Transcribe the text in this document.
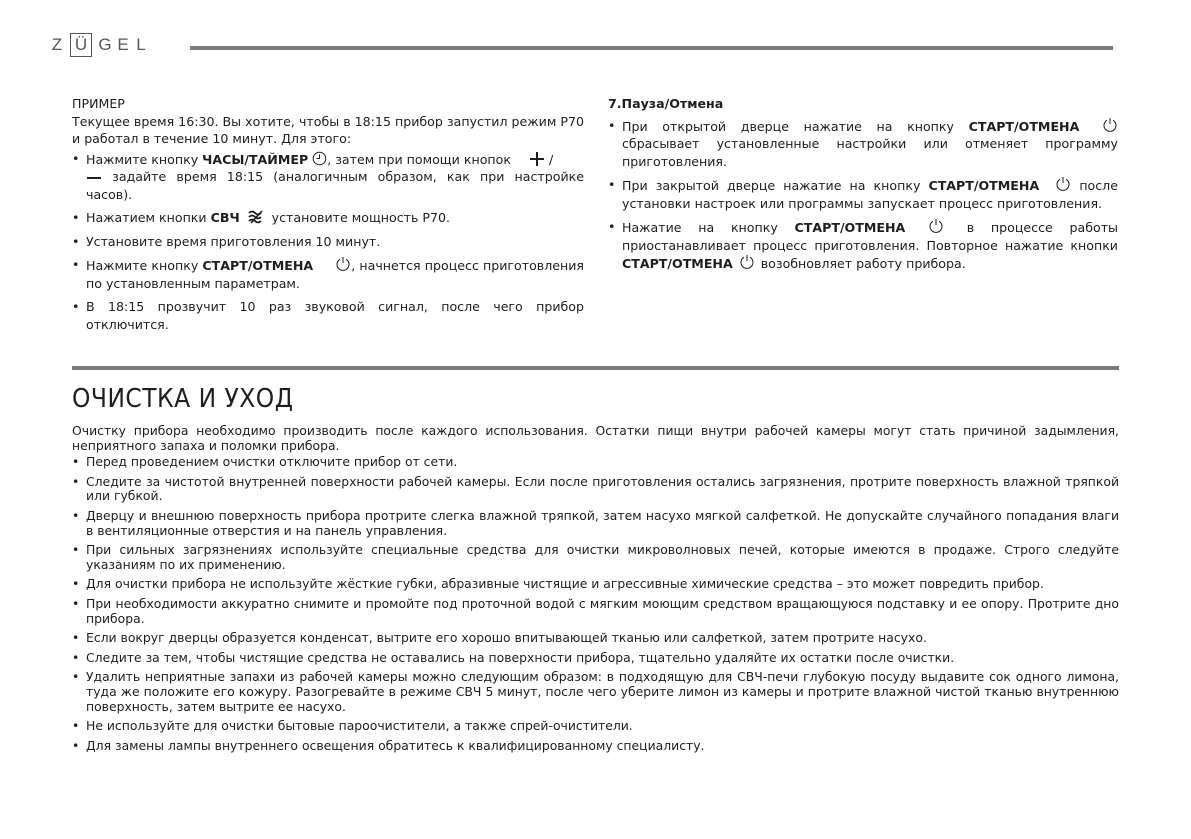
Z Ü G E L

ПРИМЕР

Текущее время 16:30. Вы хотите, чтобы в 18:15 прибор запустил режим P70 и работал в течение 10 минут. Для этого:

• Нажмите кнопку ЧАСЫ/ТАЙМЕР , затем при помощи кнопок	/
задайте время 18:15 (аналогичным образом, как при настройке часов).
• Нажатием кнопки СВЧ	установите мощность P70.
• Установите время приготовления 10 минут.
• Нажмите кнопку СТАРТ/ОТМЕНА	, начнется процесс приготовления по установленным параметрам.
• В 18:15 прозвучит 10 раз звуковой сигнал, после чего прибор отключится.

7.Пауза/Отмена

• При открытой дверце нажатие на кнопку СТАРТ/ОТМЕНА  сбрасывает установленные настройки или отменяет программу приготовления.
• При закрытой дверце нажатие на кнопку СТАРТ/ОТМЕНА	после установки настроек или программы запускает процесс приготовления.
• Нажатие на кнопку СТАРТ/ОТМЕНА	в процессе работы приостанавливает процесс приготовления. Повторное нажатие кнопки СТАРТ/ОТМЕНА возобновляет работу прибора.
ОЧИСТКА И УХОД

Очистку прибора необходимо производить после каждого использования. Остатки пищи внутри рабочей камеры могут стать причиной задымления, неприятного запаха и поломки прибора.

• Перед проведением очистки отключите прибор от сети.
• Следите за чистотой внутренней поверхности рабочей камеры. Если после приготовления остались загрязнения, протрите поверхность влажной тряпкой или губкой.
• Дверцу и внешнюю поверхность прибора протрите слегка влажной тряпкой, затем насухо мягкой салфеткой. Не допускайте случайного попадания влаги в вентиляционные отверстия и на панель управления.
• При сильных загрязнениях используйте специальные средства для очистки микроволновых печей, которые имеются в продаже. Строго следуйте указаниям по их применению.
• Для очистки прибора не используйте жёсткие губки, абразивные чистящие и агрессивные химические средства – это может повредить прибор.
• При необходимости аккуратно снимите и промойте под проточной водой с мягким моющим средством вращающуюся подставку и ее опору. Протрите дно прибора.
• Если вокруг дверцы образуется конденсат, вытрите его хорошо впитывающей тканью или салфеткой, затем протрите насухо.
• Следите за тем, чтобы чистящие средства не оставались на поверхности прибора, тщательно удаляйте их остатки после очистки.
• Удалить неприятные запахи из рабочей камеры можно следующим образом: в подходящую для СВЧ-печи глубокую посуду выдавите сок одного лимона, туда же положите его кожуру. Разогревайте в режиме СВЧ 5 минут, после чего уберите лимон из камеры и протрите влажной чистой тканью внутреннюю поверхность, затем вытрите ее насухо.
• Не используйте для очистки бытовые пароочистители, а также спрей-очистители.
• Для замены лампы внутреннего освещения обратитесь к квалифицированному специалисту.
